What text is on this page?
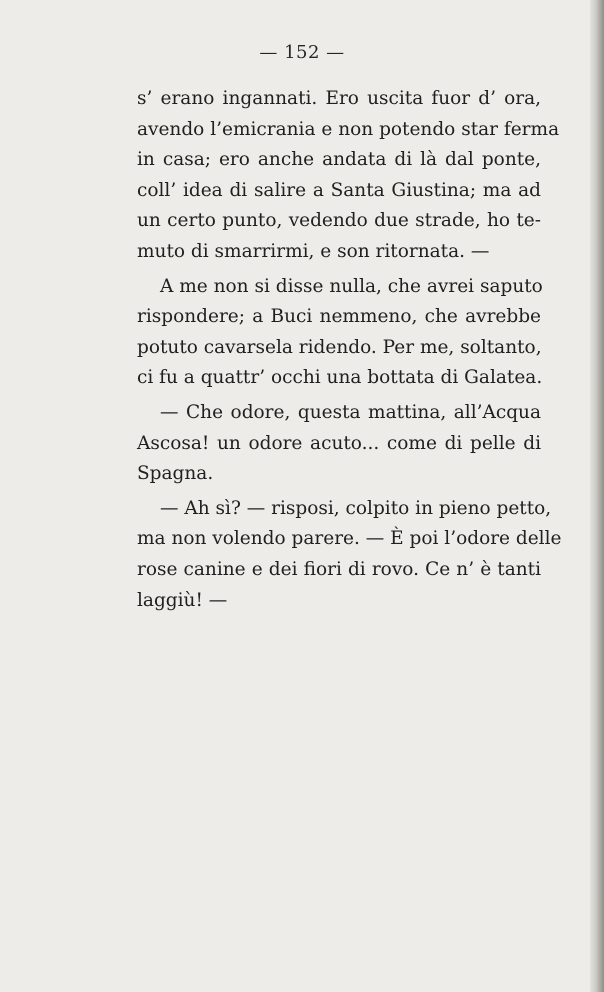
— 152 —
s’ erano ingannati. Ero uscita fuor d’ ora,
avendo l’emicrania e non potendo star ferma
in casa; ero anche andata di là dal ponte,
coll’ idea di salire a Santa Giustina; ma ad
un certo punto, vedendo due strade, ho te-
muto di smarrirmi, e son ritornata. —
A me non si disse nulla, che avrei saputo
rispondere; a Buci nemmeno, che avrebbe
potuto cavarsela ridendo. Per me, soltanto,
ci fu a quattr’ occhi una bottata di Galatea.
— Che odore, questa mattina, all’Acqua
Ascosa! un odore acuto... come di pelle di
Spagna.
— Ah sì? — risposi, colpito in pieno petto,
ma non volendo parere. — È poi l’odore delle
rose canine e dei fiori di rovo. Ce n’ è tanti
laggiù! —
